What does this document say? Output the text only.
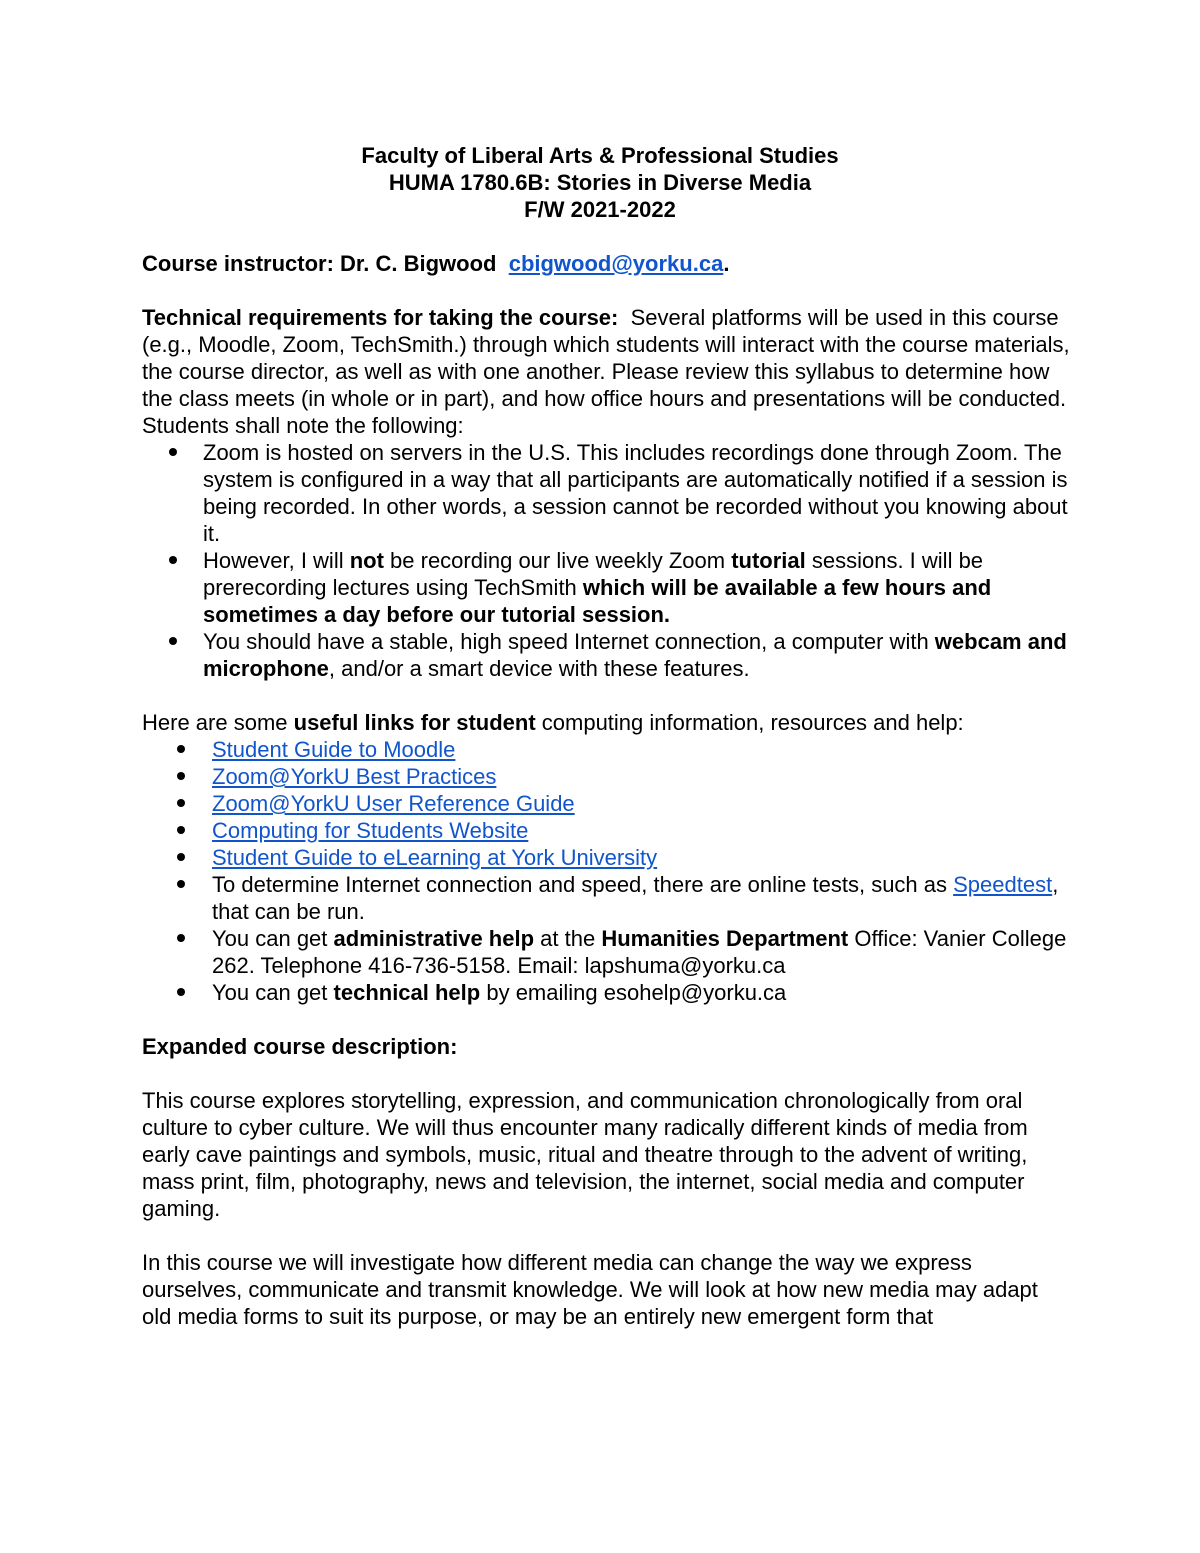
Faculty of Liberal Arts & Professional Studies
HUMA 1780.6B: Stories in Diverse Media
F/W 2021-2022

Course instructor: Dr. C. Bigwood cbigwood@yorku.ca.

Technical requirements for taking the course: Several platforms will be used in this course (e.g., Moodle, Zoom, TechSmith.) through which students will interact with the course materials, the course director, as well as with one another. Please review this syllabus to determine how the class meets (in whole or in part), and how office hours and presentations will be conducted.

Students shall note the following:

Zoom is hosted on servers in the U.S. This includes recordings done through Zoom. The system is configured in a way that all participants are automatically notified if a session is being recorded. In other words, a session cannot be recorded without you knowing about it.
However, I will not be recording our live weekly Zoom tutorial sessions. I will be prerecording lectures using TechSmith which will be available a few hours and sometimes a day before our tutorial session.
You should have a stable, high speed Internet connection, a computer with webcam and microphone, and/or a smart device with these features.

Here are some useful links for student computing information, resources and help:

Student Guide to Moodle
Zoom@YorkU Best Practices
Zoom@YorkU User Reference Guide
Computing for Students Website
Student Guide to eLearning at York University
To determine Internet connection and speed, there are online tests, such as Speedtest, that can be run.
You can get administrative help at the Humanities Department Office: Vanier College 262. Telephone 416-736-5158. Email: lapshuma@yorku.ca
You can get technical help by emailing esohelp@yorku.ca

Expanded course description:

This course explores storytelling, expression, and communication chronologically from oral culture to cyber culture. We will thus encounter many radically different kinds of media from early cave paintings and symbols, music, ritual and theatre through to the advent of writing, mass print, film, photography, news and television, the internet, social media and computer gaming.

In this course we will investigate how different media can change the way we express ourselves, communicate and transmit knowledge. We will look at how new media may adapt old media forms to suit its purpose, or may be an entirely new emergent form that
